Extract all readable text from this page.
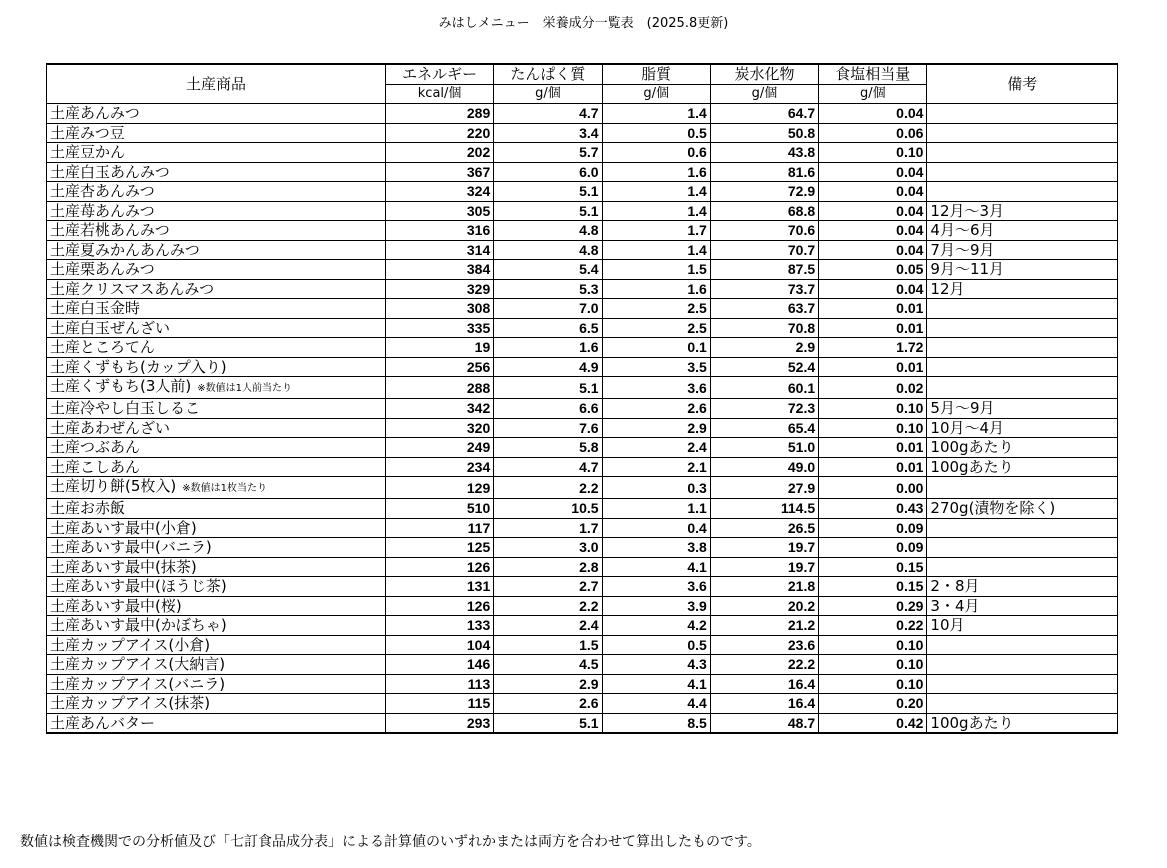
みはしメニュー　栄養成分一覧表　(2025.8更新)
土産商品	エネルギー	たんぱく質	脂質	炭水化物	食塩相当量	備考
	kcal/個	g/個	g/個	g/個	g/個	
土産あんみつ	289	4.7	1.4	64.7	0.04	
土産みつ豆	220	3.4	0.5	50.8	0.06	
土産豆かん	202	5.7	0.6	43.8	0.10	
土産白玉あんみつ	367	6.0	1.6	81.6	0.04	
土産杏あんみつ	324	5.1	1.4	72.9	0.04	
土産苺あんみつ	305	5.1	1.4	68.8	0.04	12月～3月
土産若桃あんみつ	316	4.8	1.7	70.6	0.04	4月～6月
土産夏みかんあんみつ	314	4.8	1.4	70.7	0.04	7月～9月
土産栗あんみつ	384	5.4	1.5	87.5	0.05	9月～11月
土産クリスマスあんみつ	329	5.3	1.6	73.7	0.04	12月
土産白玉金時	308	7.0	2.5	63.7	0.01	
土産白玉ぜんざい	335	6.5	2.5	70.8	0.01	
土産ところてん	19	1.6	0.1	2.9	1.72	
土産くずもち(カップ入り)	256	4.9	3.5	52.4	0.01	
土産くずもち(3人前) ※数値は1人前当たり	288	5.1	3.6	60.1	0.02	
土産冷やし白玉しるこ	342	6.6	2.6	72.3	0.10	5月～9月
土産あわぜんざい	320	7.6	2.9	65.4	0.10	10月～4月
土産つぶあん	249	5.8	2.4	51.0	0.01	100gあたり
土産こしあん	234	4.7	2.1	49.0	0.01	100gあたり
土産切り餅(5枚入) ※数値は1枚当たり	129	2.2	0.3	27.9	0.00	
土産お赤飯	510	10.5	1.1	114.5	0.43	270g(漬物を除く)
土産あいす最中(小倉)	117	1.7	0.4	26.5	0.09	
土産あいす最中(バニラ)	125	3.0	3.8	19.7	0.09	
土産あいす最中(抹茶)	126	2.8	4.1	19.7	0.15	
土産あいす最中(ほうじ茶)	131	2.7	3.6	21.8	0.15	2・8月
土産あいす最中(桜)	126	2.2	3.9	20.2	0.29	3・4月
土産あいす最中(かぼちゃ)	133	2.4	4.2	21.2	0.22	10月
土産カップアイス(小倉)	104	1.5	0.5	23.6	0.10	
土産カップアイス(大納言)	146	4.5	4.3	22.2	0.10	
土産カップアイス(バニラ)	113	2.9	4.1	16.4	0.10	
土産カップアイス(抹茶)	115	2.6	4.4	16.4	0.20	
土産あんバター	293	5.1	8.5	48.7	0.42	100gあたり
数値は検査機関での分析値及び「七訂食品成分表」による計算値のいずれかまたは両方を合わせて算出したものです。
